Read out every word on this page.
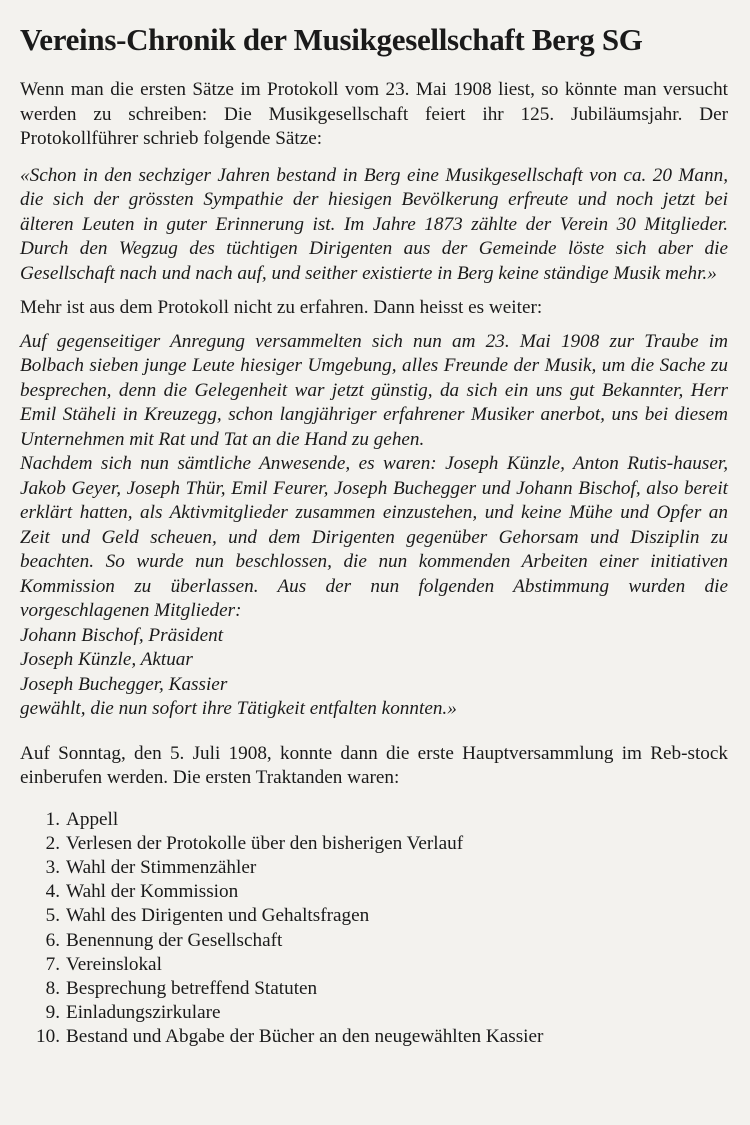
Vereins-Chronik der Musikgesellschaft Berg SG

Wenn man die ersten Sätze im Protokoll vom 23. Mai 1908 liest, so könnte man versucht werden zu schreiben: Die Musikgesellschaft feiert ihr 125. Jubiläumsjahr. Der Protokollführer schrieb folgende Sätze:

«Schon in den sechziger Jahren bestand in Berg eine Musikgesellschaft von ca. 20 Mann, die sich der grössten Sympathie der hiesigen Bevölkerung erfreute und noch jetzt bei älteren Leuten in guter Erinnerung ist. Im Jahre 1873 zählte der Verein 30 Mitglieder. Durch den Wegzug des tüchtigen Dirigenten aus der Gemeinde löste sich aber die Gesellschaft nach und nach auf, und seither existierte in Berg keine ständige Musik mehr.»

Mehr ist aus dem Protokoll nicht zu erfahren. Dann heisst es weiter:

Auf gegenseitiger Anregung versammelten sich nun am 23. Mai 1908 zur Traube im Bolbach sieben junge Leute hiesiger Umgebung, alles Freunde der Musik, um die Sache zu besprechen, denn die Gelegenheit war jetzt günstig, da sich ein uns gut Bekannter, Herr Emil Stäheli in Kreuzegg, schon langjähriger erfahrener Musiker anerbot, uns bei diesem Unternehmen mit Rat und Tat an die Hand zu gehen.

Nachdem sich nun sämtliche Anwesende, es waren: Joseph Künzle, Anton Rutis-hauser, Jakob Geyer, Joseph Thür, Emil Feurer, Joseph Buchegger und Johann Bischof, also bereit erklärt hatten, als Aktivmitglieder zusammen einzustehen, und keine Mühe und Opfer an Zeit und Geld scheuen, und dem Dirigenten gegenüber Gehorsam und Disziplin zu beachten. So wurde nun beschlossen, die nun kommenden Arbeiten einer initiativen Kommission zu überlassen. Aus der nun folgenden Abstimmung wurden die vorgeschlagenen Mitglieder:

Johann Bischof, Präsident
Joseph Künzle, Aktuar
Joseph Buchegger, Kassier
gewählt, die nun sofort ihre Tätigkeit entfalten konnten.»

Auf Sonntag, den 5. Juli 1908, konnte dann die erste Hauptversammlung im Reb-stock einberufen werden. Die ersten Traktanden waren:

1. Appell
2. Verlesen der Protokolle über den bisherigen Verlauf
3. Wahl der Stimmenzähler
4. Wahl der Kommission
5. Wahl des Dirigenten und Gehaltsfragen
6. Benennung der Gesellschaft
7. Vereinslokal
8. Besprechung betreffend Statuten
9. Einladungszirkulare
10. Bestand und Abgabe der Bücher an den neugewählten Kassier
